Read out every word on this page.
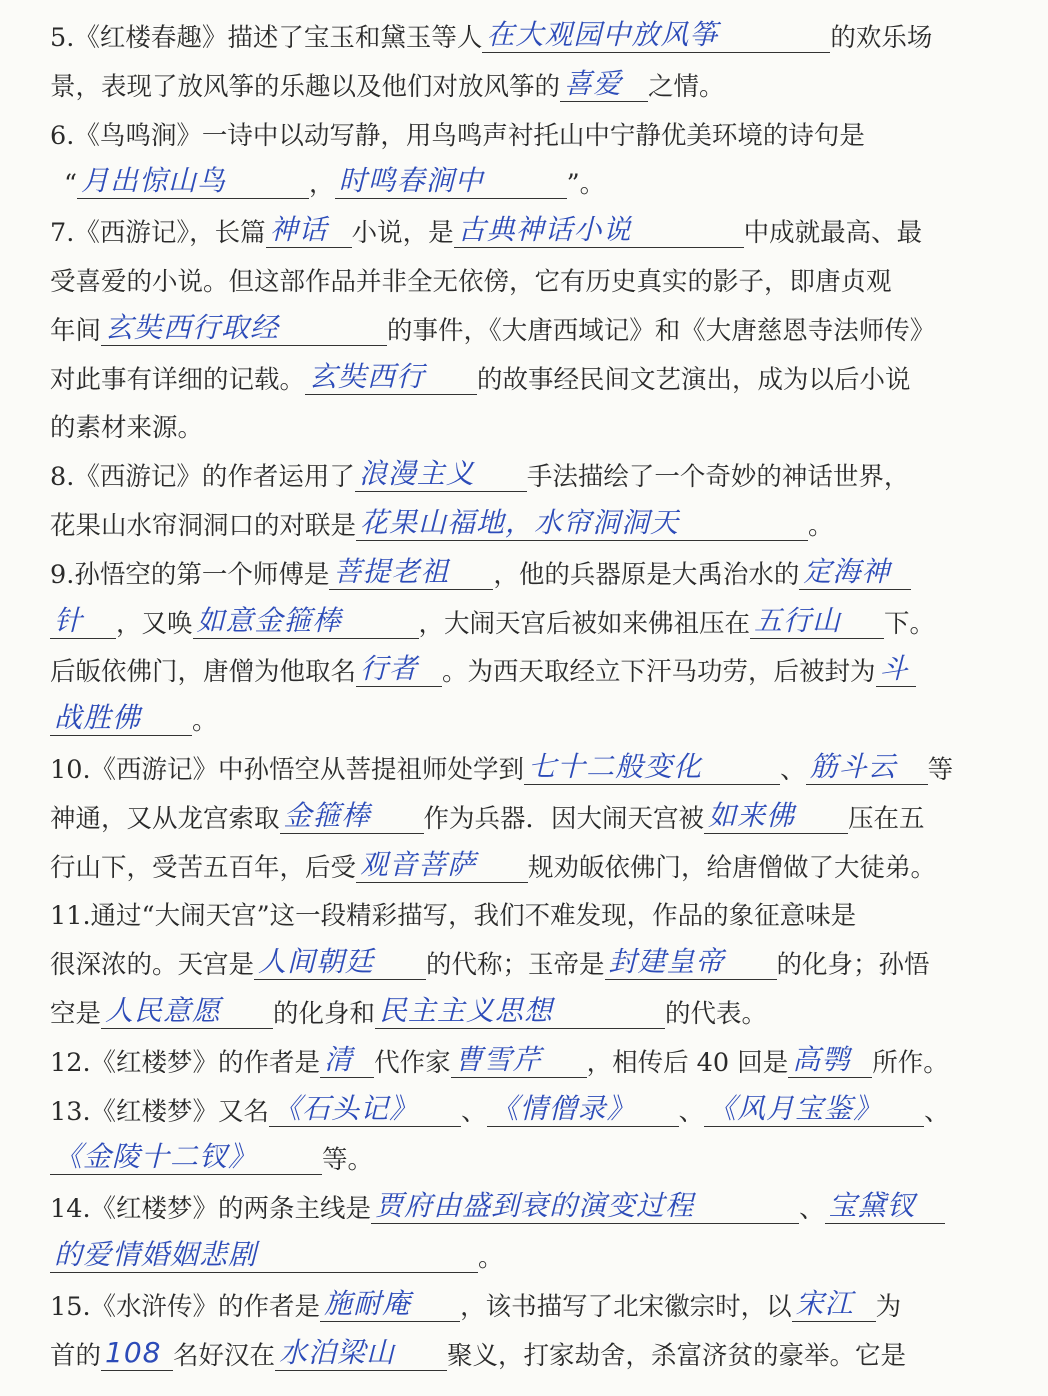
5.《红楼春趣》描述了宝玉和黛玉等人 在大观园中放风筝	的欢乐场
景，表现了放风筝的乐趣以及他们对放风筝的 喜爱 之情。
6.《鸟鸣涧》一诗中以动写静，用鸟鸣声衬托山中宁静优美环境的诗句是
“ 月出惊山鸟	， 时鸣春涧中	”。
7.《西游记》，长篇 神话 小说，是 古典神话小说	中成就最高、最
受喜爱的小说。但这部作品并非全无依傍，它有历史真实的影子，即唐贞观
年间 玄奘西行取经	的事件，《大唐西域记》和《大唐慈恩寺法师传》
对此事有详细的记载。 玄奘西行 的故事经民间文艺演出，成为以后小说
的素材来源。
8.《西游记》的作者运用了 浪漫主义 手法描绘了一个奇妙的神话世界，
花果山水帘洞洞口的对联是 花果山福地，水帘洞洞天	。
9.孙悟空的第一个师傅是 菩提老祖 ，他的兵器原是大禹治水的 定海神
针 ，又唤 如意金箍棒	，大闹天宫后被如来佛祖压在 五行山 下。
后皈依佛门，唐僧为他取名 行者 。为西天取经立下汗马功劳，后被封为 斗
战胜佛 。
10.《西游记》中孙悟空从菩提祖师处学到 七十二般变化	、 筋斗云 等
神通，又从龙宫索取 金箍棒 作为兵器．因大闹天宫被 如来佛 压在五
行山下，受苦五百年，后受 观音菩萨 规劝皈依佛门，给唐僧做了大徒弟。
11.通过“大闹天宫”这一段精彩描写，我们不难发现，作品的象征意味是
很深浓的。天宫是 人间朝廷 的代称；玉帝是 封建皇帝 的化身；孙悟
空是 人民意愿 的化身和 民主主义思想	的代表。
12.《红楼梦》的作者是 清 代作家 曹雪芹 ，相传后 40 回是 高鹗 所作。
13.《红楼梦》又名 《石头记》 、 《情僧录》 、 《风月宝鉴》 、
《金陵十二钗》	等。
14.《红楼梦》的两条主线是 贾府由盛到衰的演变过程	、 宝黛钗
的爱情婚姻悲剧	。
15.《水浒传》的作者是 施耐庵 ，该书描写了北宋徽宗时，以 宋江 为
首的 108 名好汉在 水泊梁山 聚义，打家劫舍，杀富济贫的豪举。它是
